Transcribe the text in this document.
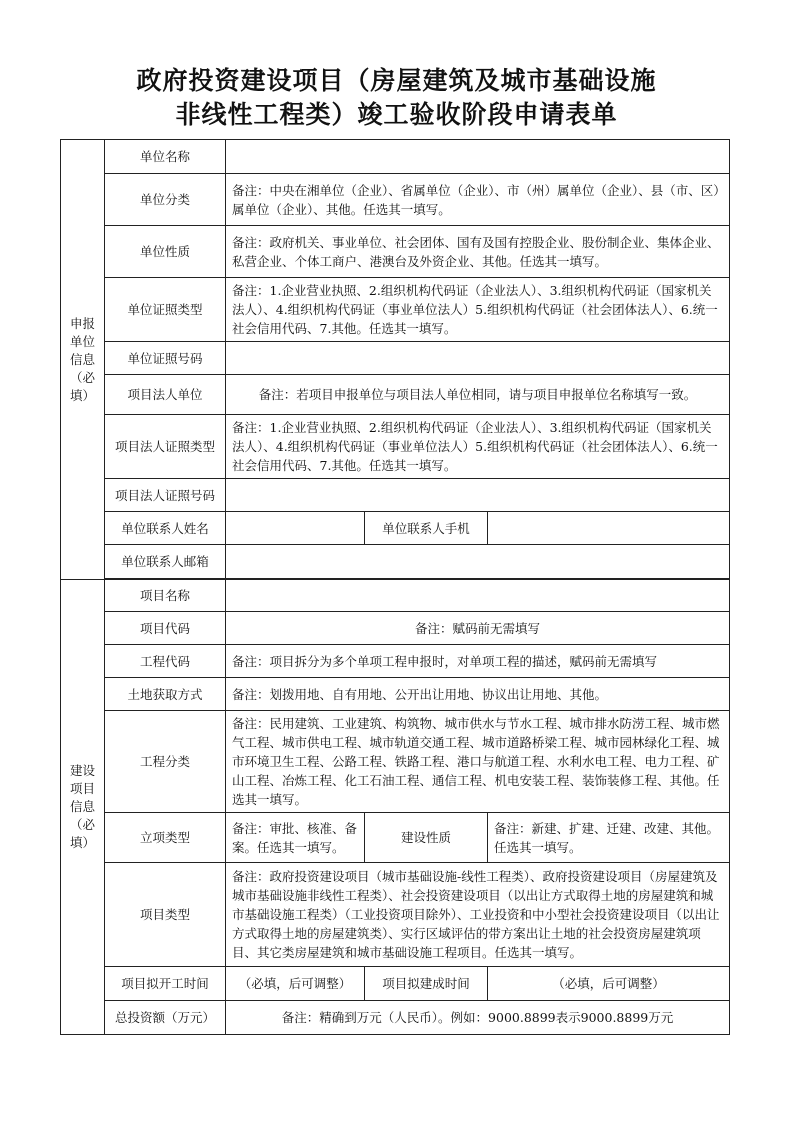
政府投资建设项目（房屋建筑及城市基础设施
非线性工程类）竣工验收阶段申请表单
申报单位信息（必填）	单位名称			
	单位分类	备注：中央在湘单位（企业）、省属单位（企业）、市（州）属单位（企业）、县（市、区）属单位（企业）、其他。任选其一填写。		
	单位性质	备注：政府机关、事业单位、社会团体、国有及国有控股企业、股份制企业、集体企业、私营企业、个体工商户、港澳台及外资企业、其他。任选其一填写。		
	单位证照类型	备注：1.企业营业执照、2.组织机构代码证（企业法人）、3.组织机构代码证（国家机关法人）、4.组织机构代码证（事业单位法人）5.组织机构代码证（社会团体法人）、6.统一社会信用代码、7.其他。任选其一填写。		
	单位证照号码			
	项目法人单位	备注：若项目申报单位与项目法人单位相同，请与项目申报单位名称填写一致。		
	项目法人证照类型	备注：1.企业营业执照、2.组织机构代码证（企业法人）、3.组织机构代码证（国家机关法人）、4.组织机构代码证（事业单位法人）5.组织机构代码证（社会团体法人）、6.统一社会信用代码、7.其他。任选其一填写。		
	项目法人证照号码			
	单位联系人姓名		单位联系人手机	
	单位联系人邮箱			

建设项目信息（必填）	项目名称			
	项目代码	备注：赋码前无需填写		
	工程代码	备注：项目拆分为多个单项工程申报时，对单项工程的描述，赋码前无需填写		
	土地获取方式	备注：划拨用地、自有用地、公开出让用地、协议出让用地、其他。		
	工程分类	备注：民用建筑、工业建筑、构筑物、城市供水与节水工程、城市排水防涝工程、城市燃气工程、城市供电工程、城市轨道交通工程、城市道路桥梁工程、城市园林绿化工程、城市环境卫生工程、公路工程、铁路工程、港口与航道工程、水利水电工程、电力工程、矿山工程、冶炼工程、化工石油工程、通信工程、机电安装工程、装饰装修工程、其他。任选其一填写。		
	立项类型	备注：审批、核准、备案。任选其一填写。	建设性质	备注：新建、扩建、迁建、改建、其他。任选其一填写。
	项目类型	备注：政府投资建设项目（城市基础设施-线性工程类）、政府投资建设项目（房屋建筑及城市基础设施非线性工程类）、社会投资建设项目（以出让方式取得土地的房屋建筑和城市基础设施工程类）（工业投资项目除外）、工业投资和中小型社会投资建设项目（以出让方式取得土地的房屋建筑类）、实行区域评估的带方案出让土地的社会投资房屋建筑项目、其它类房屋建筑和城市基础设施工程项目。任选其一填写。		
	项目拟开工时间	（必填，后可调整）	项目拟建成时间	（必填，后可调整）
	总投资额（万元）	备注：精确到万元（人民币）。例如：9000.8899表示9000.8899万元		
